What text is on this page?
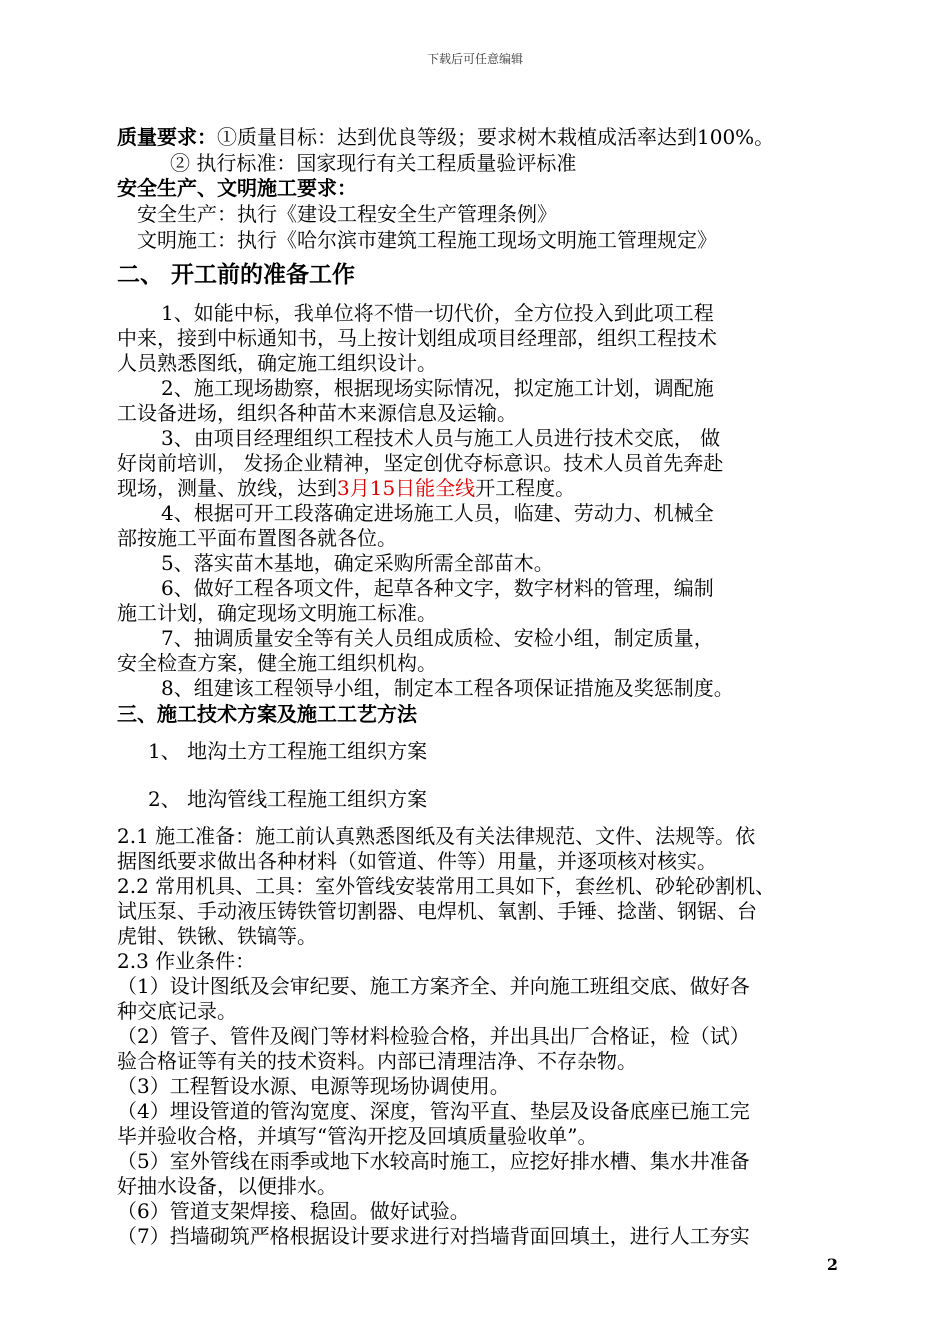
下载后可任意编辑
质量要求：①质量目标：达到优良等级；要求树木栽植成活率达到100%。
② 执行标准：国家现行有关工程质量验评标准
安全生产、文明施工要求：
安全生产：执行《建设工程安全生产管理条例》
文明施工：执行《哈尔滨市建筑工程施工现场文明施工管理规定》
二、 开工前的准备工作
1、如能中标，我单位将不惜一切代价，全方位投入到此项工程
中来，接到中标通知书，马上按计划组成项目经理部，组织工程技术
人员熟悉图纸，确定施工组织设计。
2、施工现场勘察，根据现场实际情况，拟定施工计划，调配施
工设备进场，组织各种苗木来源信息及运输。
3、由项目经理组织工程技术人员与施工人员进行技术交底， 做
好岗前培训， 发扬企业精神，坚定创优夺标意识。技术人员首先奔赴
现场，测量、放线，达到3月15日能全线开工程度。
4、根据可开工段落确定进场施工人员，临建、劳动力、机械全
部按施工平面布置图各就各位。
5、落实苗木基地，确定采购所需全部苗木。
6、做好工程各项文件，起草各种文字，数字材料的管理，编制
施工计划，确定现场文明施工标准。
7、抽调质量安全等有关人员组成质检、安检小组，制定质量，
安全检查方案，健全施工组织机构。
8、组建该工程领导小组，制定本工程各项保证措施及奖惩制度。
三、施工技术方案及施工工艺方法
1、 地沟土方工程施工组织方案
2、 地沟管线工程施工组织方案
2.1 施工准备：施工前认真熟悉图纸及有关法律规范、文件、法规等。依
据图纸要求做出各种材料（如管道、件等）用量，并逐项核对核实。
2.2 常用机具、工具：室外管线安装常用工具如下，套丝机、砂轮砂割机、
试压泵、手动液压铸铁管切割器、电焊机、氧割、手锤、捻凿、钢锯、台
虎钳、铁锹、铁镐等。
2.3 作业条件：
（1）设计图纸及会审纪要、施工方案齐全、并向施工班组交底、做好各
种交底记录。
（2）管子、管件及阀门等材料检验合格，并出具出厂合格证，检（试）
验合格证等有关的技术资料。内部已清理洁净、不存杂物。
（3）工程暂设水源、电源等现场协调使用。
（4）埋设管道的管沟宽度、深度，管沟平直、垫层及设备底座已施工完
毕并验收合格，并填写“管沟开挖及回填质量验收单”。
（5）室外管线在雨季或地下水较高时施工，应挖好排水槽、集水井准备
好抽水设备，以便排水。
（6）管道支架焊接、稳固。做好试验。
（7）挡墙砌筑严格根据设计要求进行对挡墙背面回填土，进行人工夯实
2
